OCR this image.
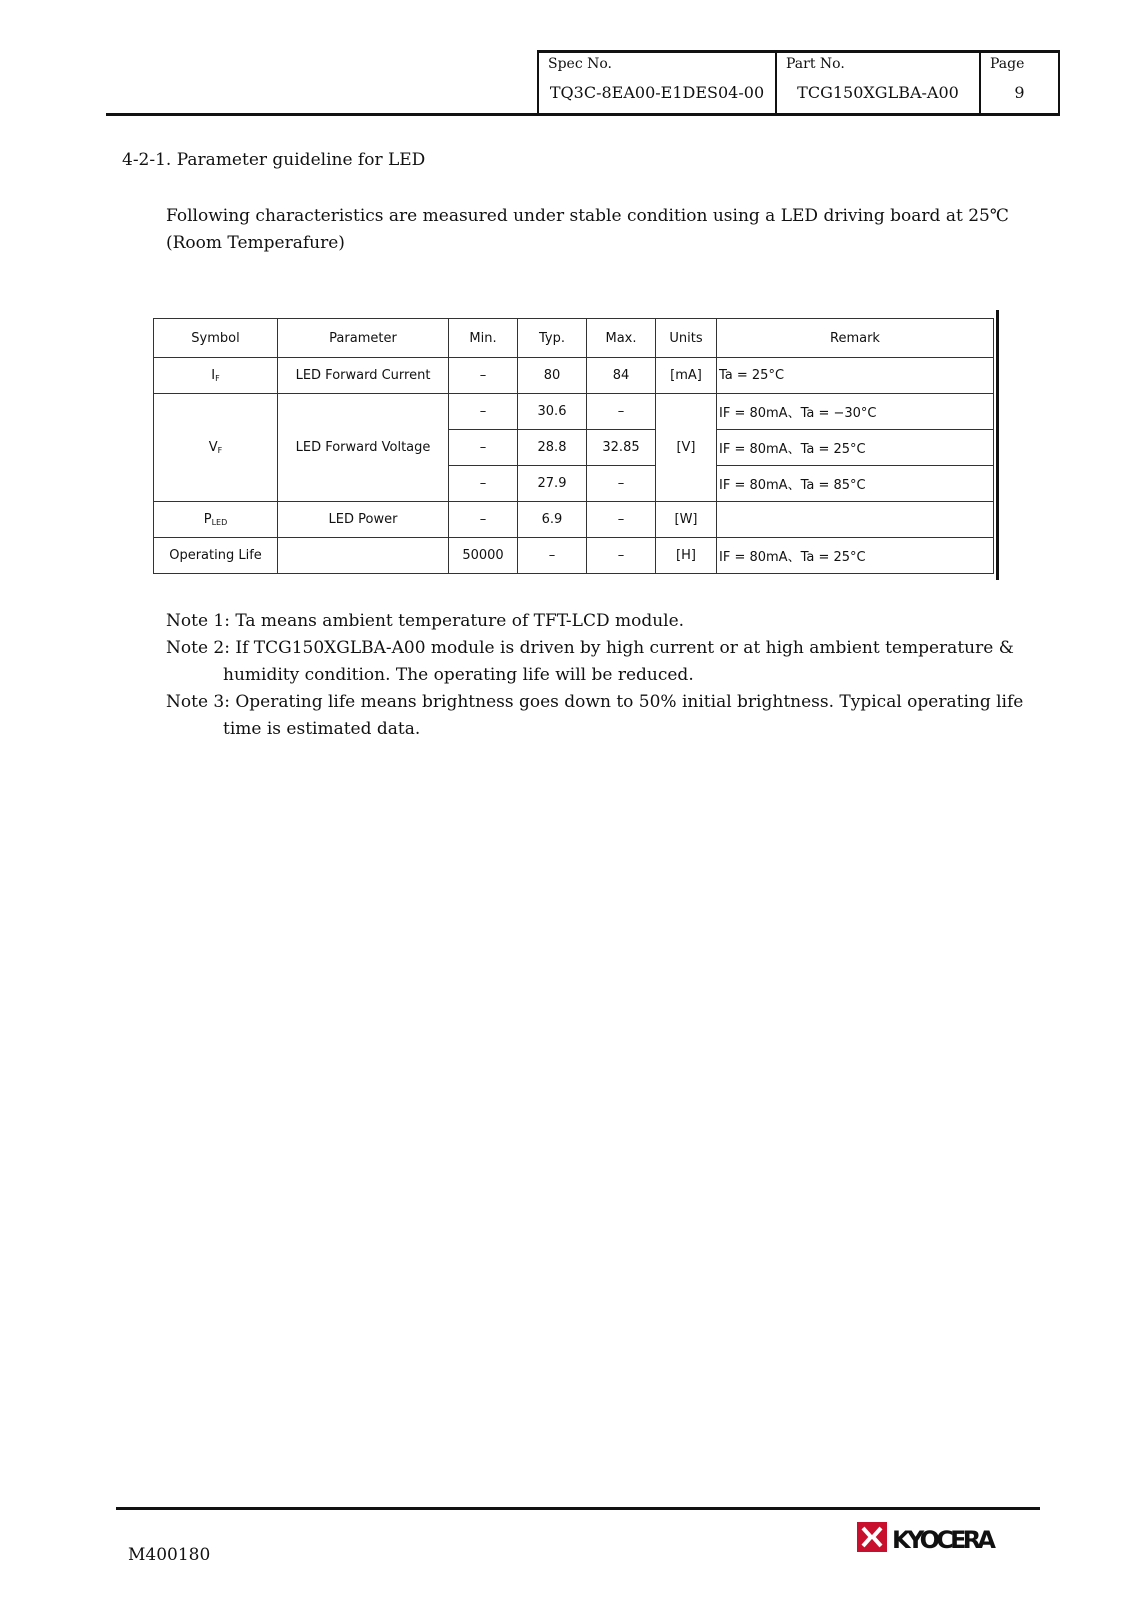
Spec No.
TQ3C-8EA00-E1DES04-00
Part No.
TCG150XGLBA-A00
Page
9
4-2-1. Parameter guideline for LED
Following characteristics are measured under stable condition using a LED driving board at 25℃
(Room Temperafure)
Symbol	Parameter	Min.	Typ.	Max.	Units	Remark
$I_F$	LED Forward Current	–	80	84	[mA]	Ta = 25°C
$V_F$	LED Forward Voltage	–	30.6	–	[V]	IF = 80mA、Ta = −30°C
		–	28.8	32.85		IF = 80mA、Ta = 25°C
		–	27.9	–		IF = 80mA、Ta = 85°C
$P_{LED}$	LED Power	–	6.9	–	[W]	
Operating Life		50000	–	–	[H]	IF = 80mA、Ta = 25°C
Note 1: Ta means ambient temperature of TFT-LCD module.
Note 2: If TCG150XGLBA-A00 module is driven by high current or at high ambient temperature &
humidity condition. The operating life will be reduced.
Note 3: Operating life means brightness goes down to 50% initial brightness. Typical operating life
time is estimated data.
M400180
KYOCERA
